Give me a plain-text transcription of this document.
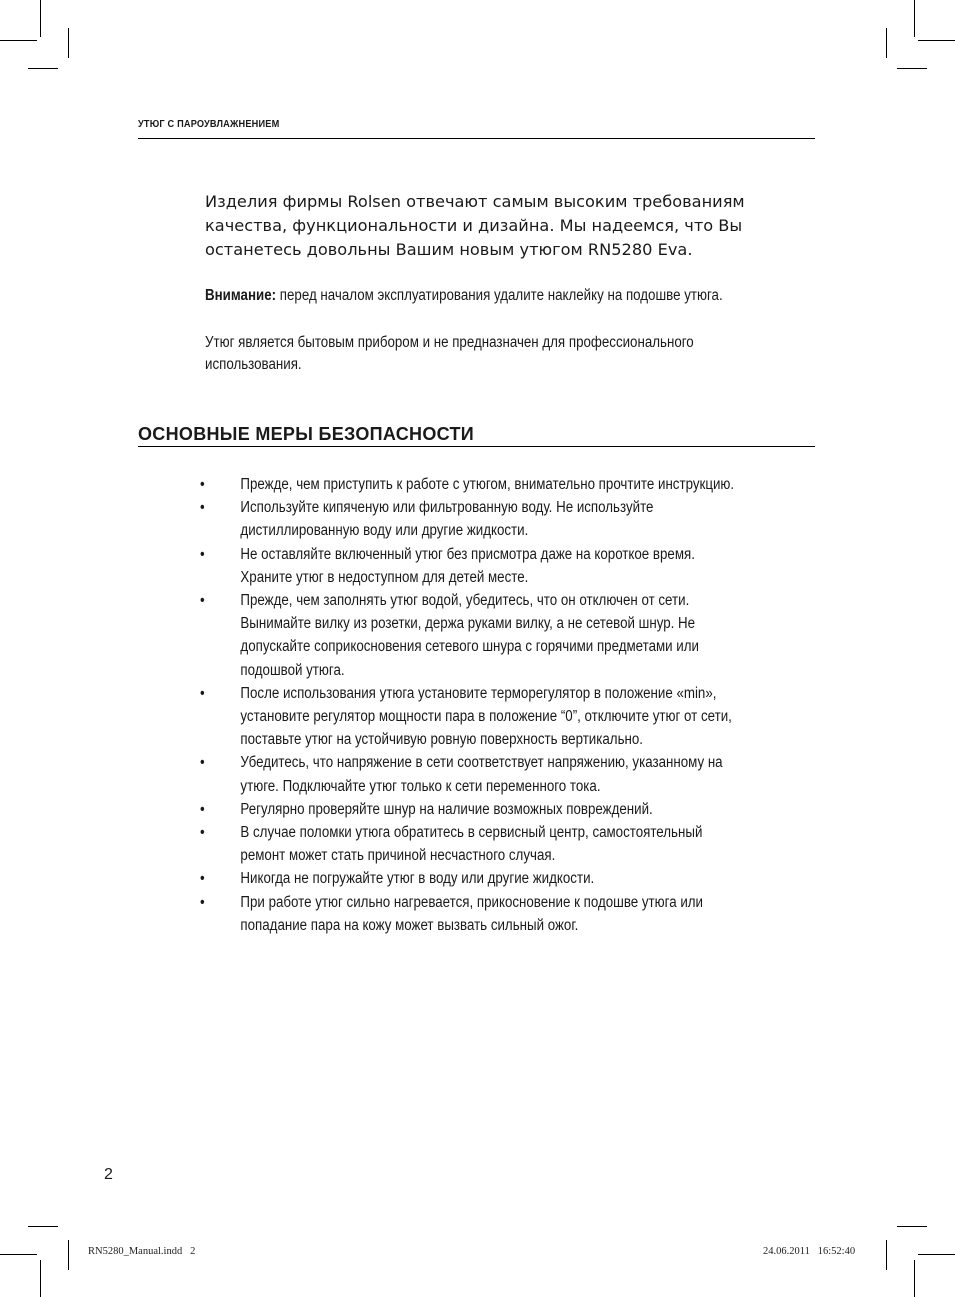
УТЮГ С ПАРОУВЛАЖНЕНИЕМ

Изделия фирмы Rolsen отвечают самым высоким требованиям

качества, функциональности и дизайна. Мы надеемся, что Вы

останетесь довольны Вашим новым утюгом RN5280 Eva.

Внимание: перед началом эксплуатирования удалите наклейку на подошве утюга.
Утюг является бытовым прибором и не предназначен для профессионального
использования.
ОСНОВНЫЕ МЕРЫ БЕЗОПАСНОСТИ
• Прежде, чем приступить к работе с утюгом, внимательно прочтите инструкцию.
• Используйте кипяченую или фильтрованную воду. Не используйте
дистиллированную воду или другие жидкости.
• Не оставляйте включенный утюг без присмотра даже на короткое время.
Храните утюг в недоступном для детей месте.
• Прежде, чем заполнять утюг водой, убедитесь, что он отключен от сети.
Вынимайте вилку из розетки, держа руками вилку, а не сетевой шнур. Не
допускайте соприкосновения сетевого шнура с горячими предметами или
подошвой утюга.
• После использования утюга установите терморегулятор в положение «min»,
установите регулятор мощности пара в положение “0”, отключите утюг от сети,
поставьте утюг на устойчивую ровную поверхность вертикально.
• Убедитесь, что напряжение в сети соответствует напряжению, указанному на
утюге. Подключайте утюг только к сети переменного тока.
• Регулярно проверяйте шнур на наличие возможных повреждений.
• В случае поломки утюга обратитесь в сервисный центр, самостоятельный
ремонт может стать причиной несчастного случая.
• Никогда не погружайте утюг в воду или другие жидкости.
• При работе утюг сильно нагревается, прикосновение к подошве утюга или
попадание пара на кожу может вызвать сильный ожог.
2
RN5280_Manual.indd   2	24.06.2011   16:52:40
